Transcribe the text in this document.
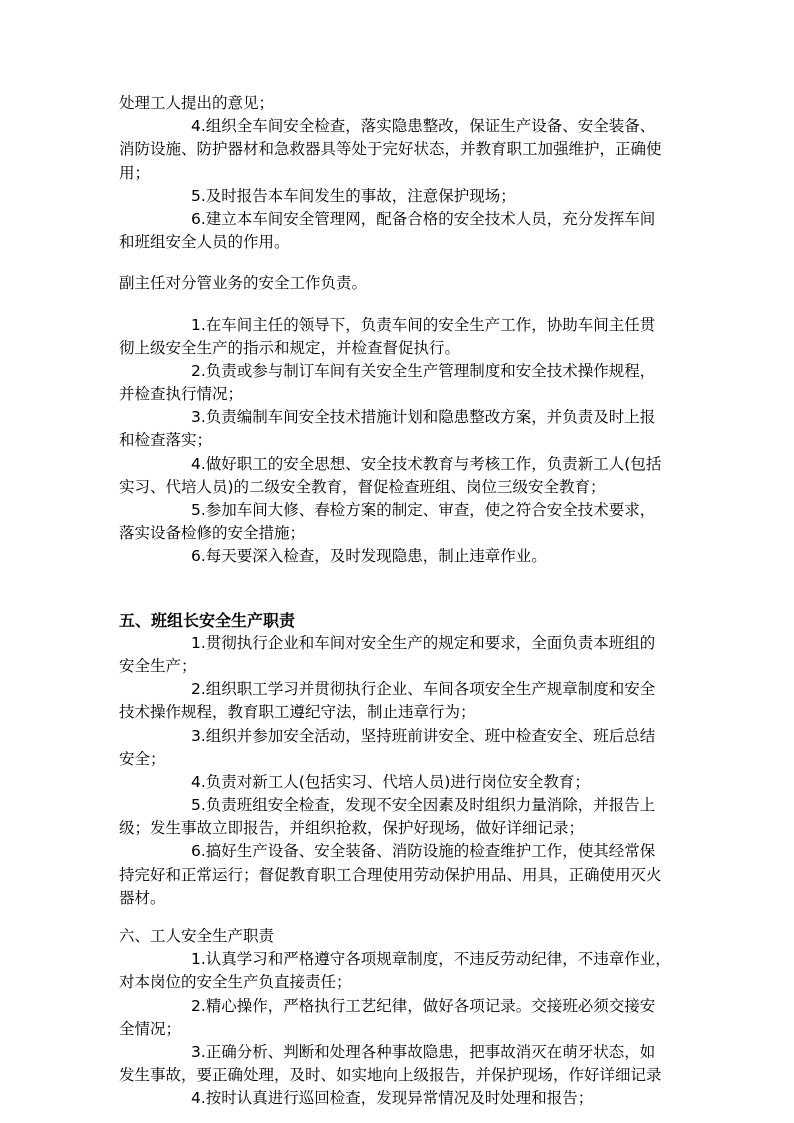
处理工人提出的意见；
4.组织全车间安全检查，落实隐患整改，保证生产设备、安全装备、
消防设施、防护器材和急救器具等处于完好状态，并教育职工加强维护，正确使
用；
5.及时报告本车间发生的事故，注意保护现场；
6.建立本车间安全管理网，配备合格的安全技术人员，充分发挥车间
和班组安全人员的作用。
副主任对分管业务的安全工作负责。
1.在车间主任的领导下，负责车间的安全生产工作，协助车间主任贯
彻上级安全生产的指示和规定，并检查督促执行。
2.负责或参与制订车间有关安全生产管理制度和安全技术操作规程，
并检查执行情况；
3.负责编制车间安全技术措施计划和隐患整改方案，并负责及时上报
和检查落实；
4.做好职工的安全思想、安全技术教育与考核工作，负责新工人(包括
实习、代培人员)的二级安全教育，督促检查班组、岗位三级安全教育；
5.参加车间大修、春检方案的制定、审查，使之符合安全技术要求，
落实设备检修的安全措施；
6.每天要深入检查，及时发现隐患，制止违章作业。
五、班组长安全生产职责
1.贯彻执行企业和车间对安全生产的规定和要求，全面负责本班组的
安全生产；
2.组织职工学习并贯彻执行企业、车间各项安全生产规章制度和安全
技术操作规程，教育职工遵纪守法，制止违章行为；
3.组织并参加安全活动，坚持班前讲安全、班中检查安全、班后总结
安全；
4.负责对新工人(包括实习、代培人员)进行岗位安全教育；
5.负责班组安全检查，发现不安全因素及时组织力量消除，并报告上
级；发生事故立即报告，并组织抢救，保护好现场，做好详细记录；
6.搞好生产设备、安全装备、消防设施的检查维护工作，使其经常保
持完好和正常运行；督促教育职工合理使用劳动保护用品、用具，正确使用灭火
器材。
六、工人安全生产职责
1.认真学习和严格遵守各项规章制度，不违反劳动纪律，不违章作业，
对本岗位的安全生产负直接责任；
2.精心操作，严格执行工艺纪律，做好各项记录。交接班必须交接安
全情况；
3.正确分析、判断和处理各种事故隐患，把事故消灭在萌牙状态，如
发生事故，要正确处理，及时、如实地向上级报告，并保护现场，作好详细记录
4.按时认真进行巡回检查，发现异常情况及时处理和报告；
